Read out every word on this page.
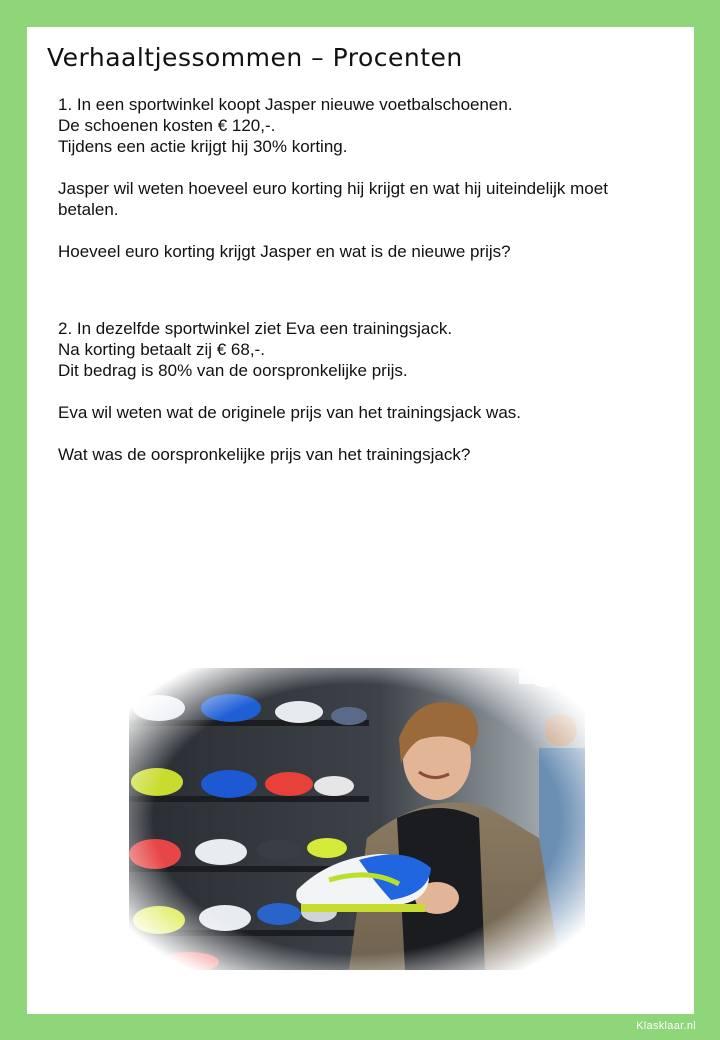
Verhaaltjessommen – Procenten

1. In een sportwinkel koopt Jasper nieuwe voetbalschoenen.

De schoenen kosten € 120,-.

Tijdens een actie krijgt hij 30% korting.

Jasper wil weten hoeveel euro korting hij krijgt en wat hij uiteindelijk moet betalen.

Hoeveel euro korting krijgt Jasper en wat is de nieuwe prijs?

2. In dezelfde sportwinkel ziet Eva een trainingsjack.

Na korting betaalt zij € 68,-.

Dit bedrag is 80% van de oorspronkelijke prijs.

Eva wil weten wat de originele prijs van het trainingsjack was.

Wat was de oorspronkelijke prijs van het trainingsjack?

Klasklaar.nl
